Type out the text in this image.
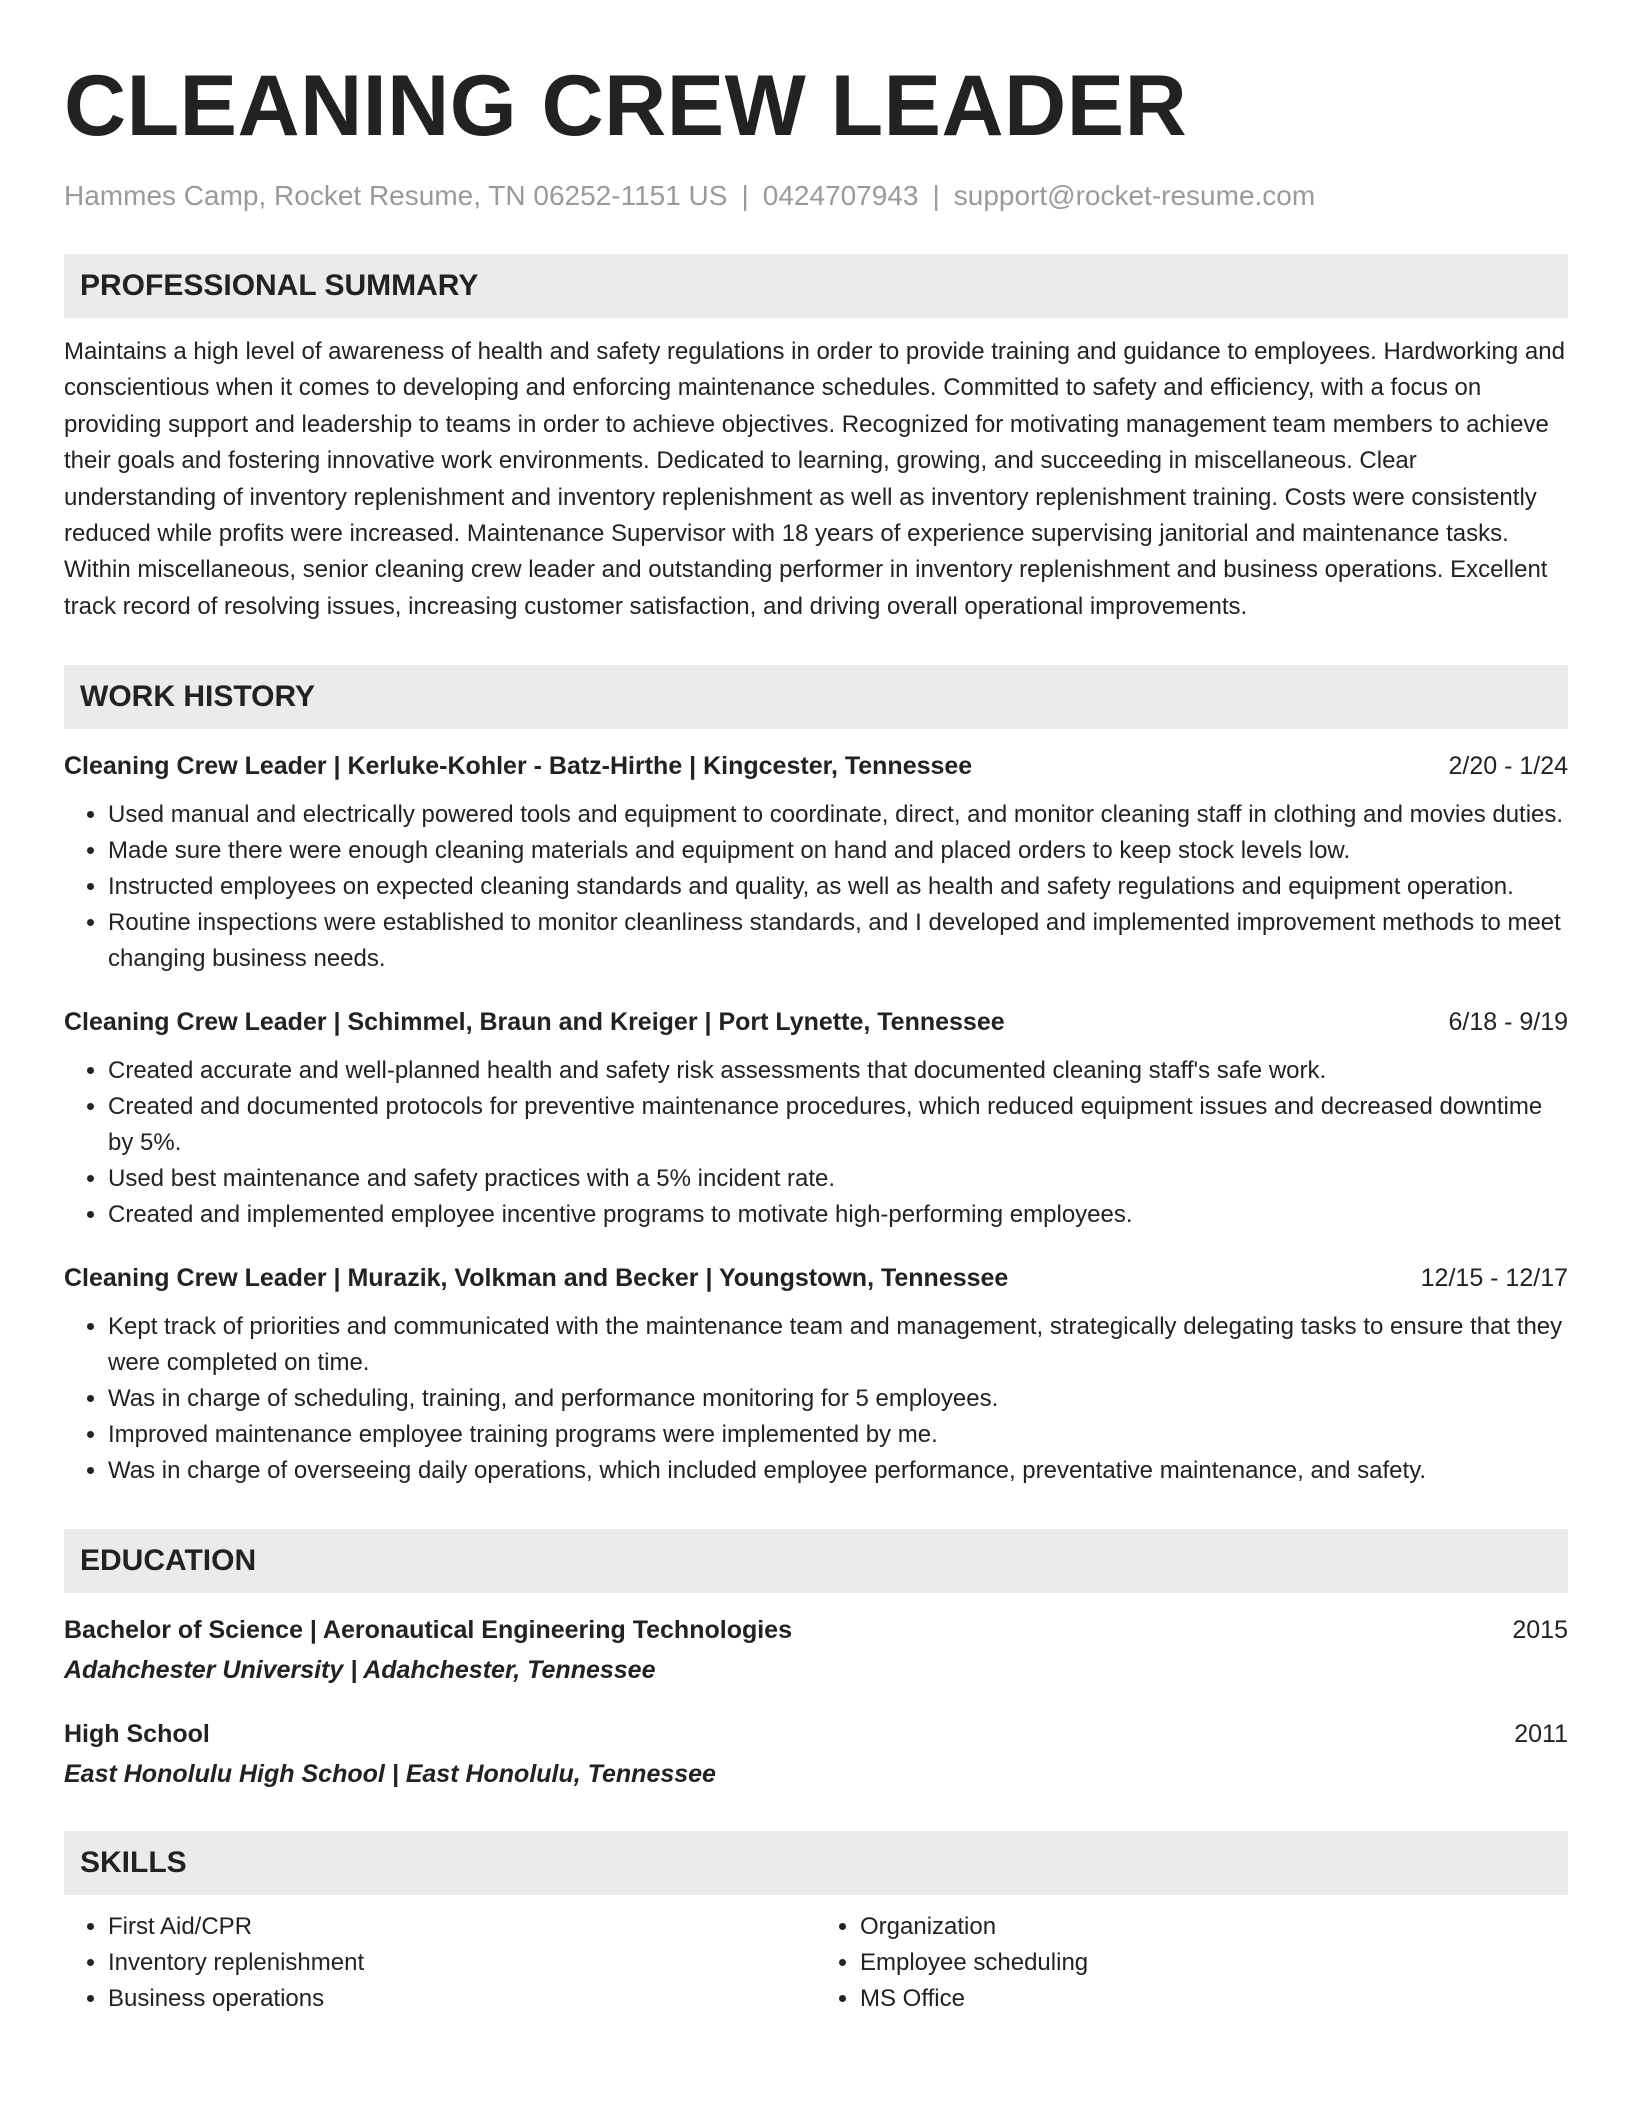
CLEANING CREW LEADER
Hammes Camp, Rocket Resume, TN 06252-1151 US | 0424707943 | support@rocket-resume.com
PROFESSIONAL SUMMARY
Maintains a high level of awareness of health and safety regulations in order to provide training and guidance to employees. Hardworking and conscientious when it comes to developing and enforcing maintenance schedules. Committed to safety and efficiency, with a focus on providing support and leadership to teams in order to achieve objectives. Recognized for motivating management team members to achieve their goals and fostering innovative work environments. Dedicated to learning, growing, and succeeding in miscellaneous. Clear understanding of inventory replenishment and inventory replenishment as well as inventory replenishment training. Costs were consistently reduced while profits were increased. Maintenance Supervisor with 18 years of experience supervising janitorial and maintenance tasks. Within miscellaneous, senior cleaning crew leader and outstanding performer in inventory replenishment and business operations. Excellent track record of resolving issues, increasing customer satisfaction, and driving overall operational improvements.
WORK HISTORY
Cleaning Crew Leader | Kerluke-Kohler - Batz-Hirthe | Kingcester, Tennessee	2/20 - 1/24
• Used manual and electrically powered tools and equipment to coordinate, direct, and monitor cleaning staff in clothing and movies duties.
• Made sure there were enough cleaning materials and equipment on hand and placed orders to keep stock levels low.
• Instructed employees on expected cleaning standards and quality, as well as health and safety regulations and equipment operation.
• Routine inspections were established to monitor cleanliness standards, and I developed and implemented improvement methods to meet changing business needs.
Cleaning Crew Leader | Schimmel, Braun and Kreiger | Port Lynette, Tennessee	6/18 - 9/19
• Created accurate and well-planned health and safety risk assessments that documented cleaning staff's safe work.
• Created and documented protocols for preventive maintenance procedures, which reduced equipment issues and decreased downtime by 5%.
• Used best maintenance and safety practices with a 5% incident rate.
• Created and implemented employee incentive programs to motivate high-performing employees.
Cleaning Crew Leader | Murazik, Volkman and Becker | Youngstown, Tennessee	12/15 - 12/17
• Kept track of priorities and communicated with the maintenance team and management, strategically delegating tasks to ensure that they were completed on time.
• Was in charge of scheduling, training, and performance monitoring for 5 employees.
• Improved maintenance employee training programs were implemented by me.
• Was in charge of overseeing daily operations, which included employee performance, preventative maintenance, and safety.
EDUCATION
Bachelor of Science | Aeronautical Engineering Technologies	2015
Adahchester University | Adahchester, Tennessee
High School	2011
East Honolulu High School | East Honolulu, Tennessee
SKILLS
• First Aid/CPR
• Inventory replenishment
• Business operations
• Organization
• Employee scheduling
• MS Office
